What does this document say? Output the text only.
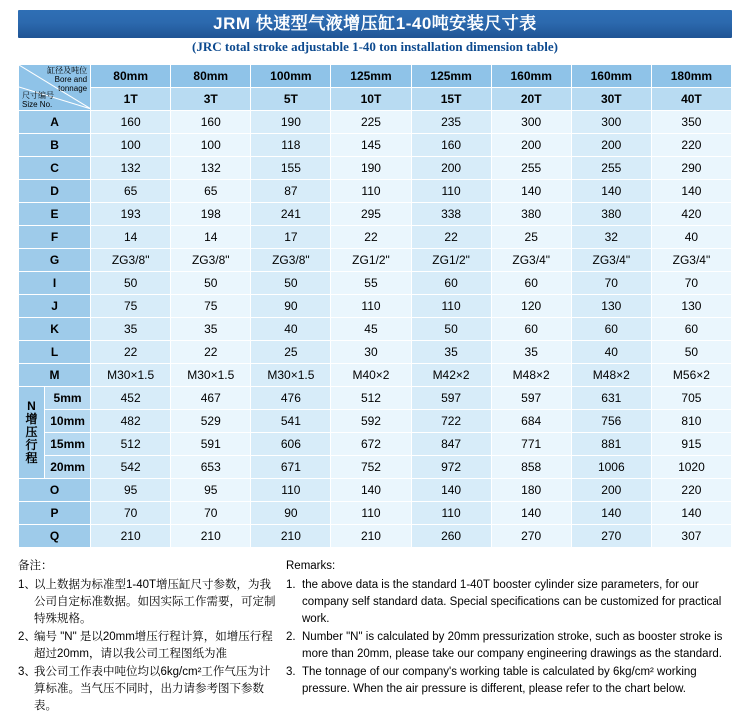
JRM 快速型气液增压缸1-40吨安装尺寸表
(JRC total stroke adjustable 1-40 ton installation dimension table)
缸径及吨位
Bore and
tonnage
尺寸编号
Size No.		80mm	80mm	100mm	125mm	125mm	160mm	160mm	180mm
		1T	3T	5T	10T	15T	20T	30T	40T
A		160	160	190	225	235	300	300	350
B		100	100	118	145	160	200	200	220
C		132	132	155	190	200	255	255	290
D		65	65	87	110	110	140	140	140
E		193	198	241	295	338	380	380	420
F		14	14	17	22	22	25	32	40
G		ZG3/8"	ZG3/8"	ZG3/8"	ZG1/2"	ZG1/2"	ZG3/4"	ZG3/4"	ZG3/4"
I		50	50	50	55	60	60	70	70
J		75	75	90	110	110	120	130	130
K		35	35	40	45	50	60	60	60
L		22	22	25	30	35	35	40	50
M		M30×1.5	M30×1.5	M30×1.5	M40×2	M42×2	M48×2	M48×2	M56×2

N
增
压
行
程	5mm	452	467	476	512	597	597	631	705
	10mm	482	529	541	592	722	684	756	810
	15mm	512	591	606	672	847	771	881	915
	20mm	542	653	671	752	972	858	1006	1020
O		95	95	110	140	140	180	200	220
P		70	70	90	110	110	140	140	140
Q		210	210	210	210	260	270	270	307
备注：
1、
以上数据为标准型1-40T增压缸尺寸参数，为我公司自定标准数据。如因实际工作需要，可定制特殊规格。
2、
编号 "N" 是以20mm增压行程计算，如增压行程超过20mm，请以我公司工程图纸为准
3、
我公司工作表中吨位均以6kg/cm²工作气压为计算标准。当气压不同时，出力请参考图下参数表。
Remarks:
1. the above data is the standard 1-40T booster cylinder size parameters, for our company self standard data. Special specifications can be customized for practical work.
2. Number "N" is calculated by 20mm pressurization stroke, such as booster stroke is more than 20mm, please take our company engineering drawings as the standard.
3. The tonnage of our company's working table is calculated by 6kg/cm² working pressure. When the air pressure is different, please refer to the chart below.
